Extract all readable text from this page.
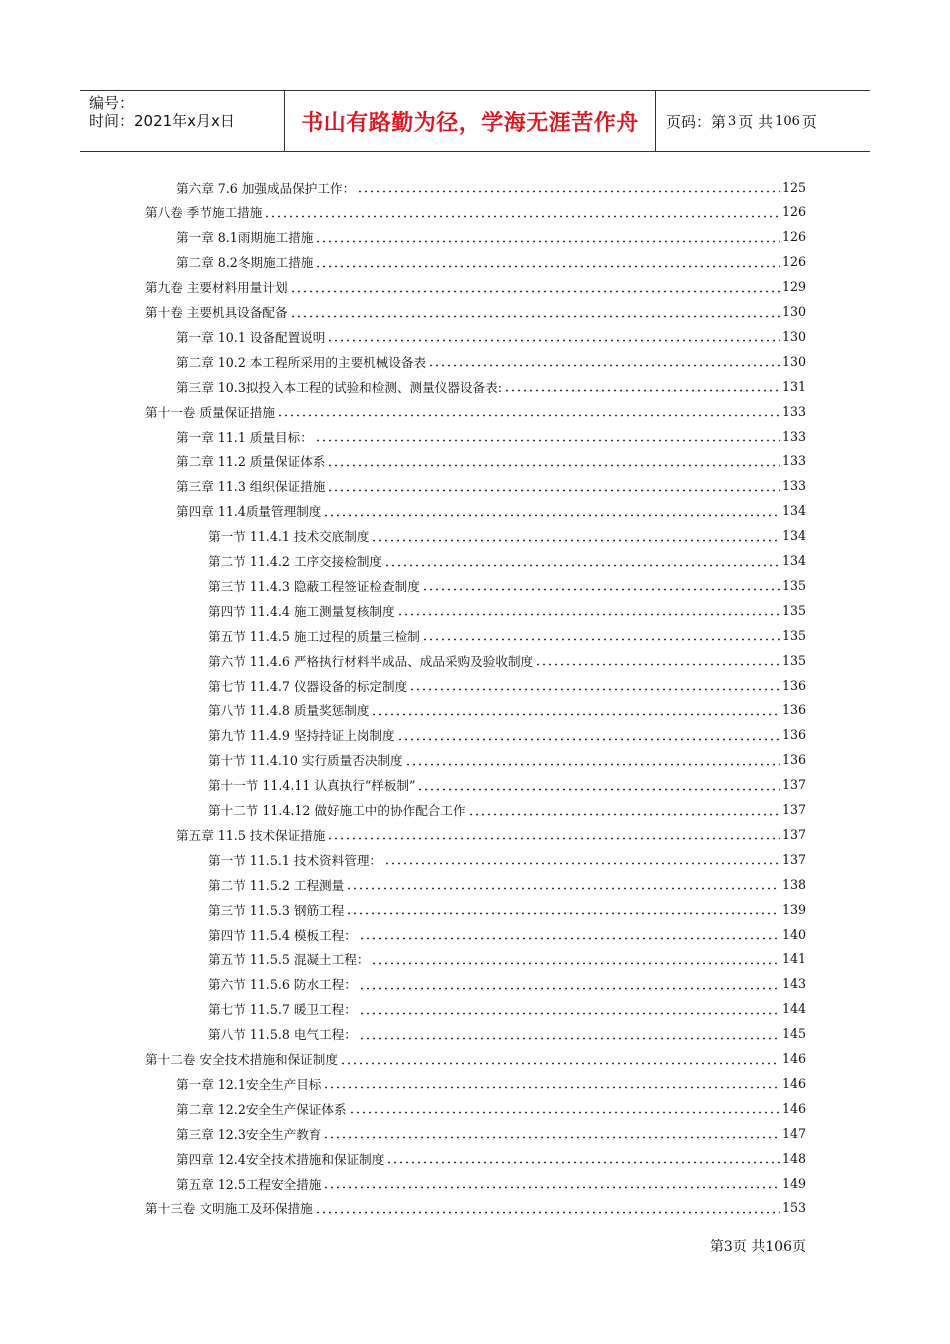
编号：
时间：2021年x月x日	书山有路勤为径，学海无涯苦作舟	页码：第 3 页 共 106 页
第六章 7.6 加强成品保护工作：	125
第八卷 季节施工措施	126
第一章 8.1雨期施工措施	126
第二章 8.2冬期施工措施	126
第九卷 主要材料用量计划	129
第十卷 主要机具设备配备	130
第一章 10.1 设备配置说明	130
第二章 10.2 本工程所采用的主要机械设备表	130
第三章 10.3拟投入本工程的试验和检测、测量仪器设备表:	131
第十一卷 质量保证措施	133
第一章 11.1 质量目标：	133
第二章 11.2 质量保证体系	133
第三章 11.3 组织保证措施	133
第四章 11.4质量管理制度	134
第一节 11.4.1 技术交底制度	134
第二节 11.4.2 工序交接检制度	134
第三节 11.4.3 隐蔽工程签证检查制度	135
第四节 11.4.4 施工测量复核制度	135
第五节 11.4.5 施工过程的质量三检制	135
第六节 11.4.6 严格执行材料半成品、成品采购及验收制度	135
第七节 11.4.7 仪器设备的标定制度	136
第八节 11.4.8 质量奖惩制度	136
第九节 11.4.9 坚持持证上岗制度	136
第十节 11.4.10 实行质量否决制度	136
第十一节 11.4.11 认真执行“样板制”	137
第十二节 11.4.12 做好施工中的协作配合工作	137
第五章 11.5 技术保证措施	137
第一节 11.5.1 技术资料管理：	137
第二节 11.5.2 工程测量	138
第三节 11.5.3 钢筋工程	139
第四节 11.5.4 模板工程：	140
第五节 11.5.5 混凝土工程：	141
第六节 11.5.6 防水工程：	143
第七节 11.5.7 暖卫工程：	144
第八节 11.5.8 电气工程：	145
第十二卷 安全技术措施和保证制度	146
第一章 12.1安全生产目标	146
第二章 12.2安全生产保证体系	146
第三章 12.3安全生产教育	147
第四章 12.4安全技术措施和保证制度	148
第五章 12.5工程安全措施	149
第十三卷 文明施工及环保措施	153
第3页 共106页
